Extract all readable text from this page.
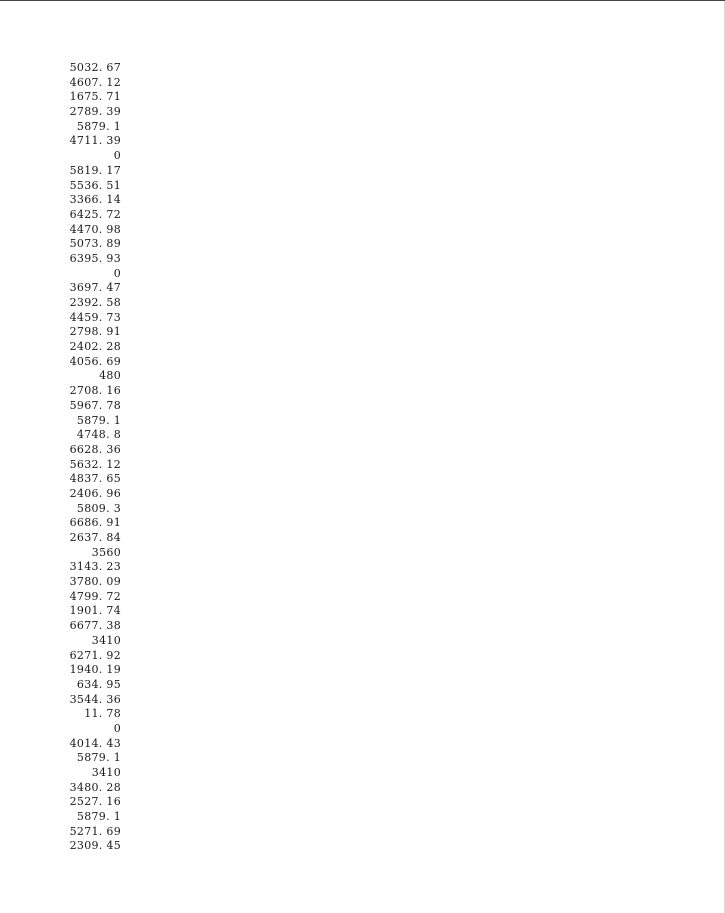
5032. 67
4607. 12
1675. 71
2789. 39
5879. 1
4711. 39
0
5819. 17
5536. 51
3366. 14
6425. 72
4470. 98
5073. 89
6395. 93
0
3697. 47
2392. 58
4459. 73
2798. 91
2402. 28
4056. 69
480
2708. 16
5967. 78
5879. 1
4748. 8
6628. 36
5632. 12
4837. 65
2406. 96
5809. 3
6686. 91
2637. 84
3560
3143. 23
3780. 09
4799. 72
1901. 74
6677. 38
3410
6271. 92
1940. 19
634. 95
3544. 36
11. 78
0
4014. 43
5879. 1
3410
3480. 28
2527. 16
5879. 1
5271. 69
2309. 45
